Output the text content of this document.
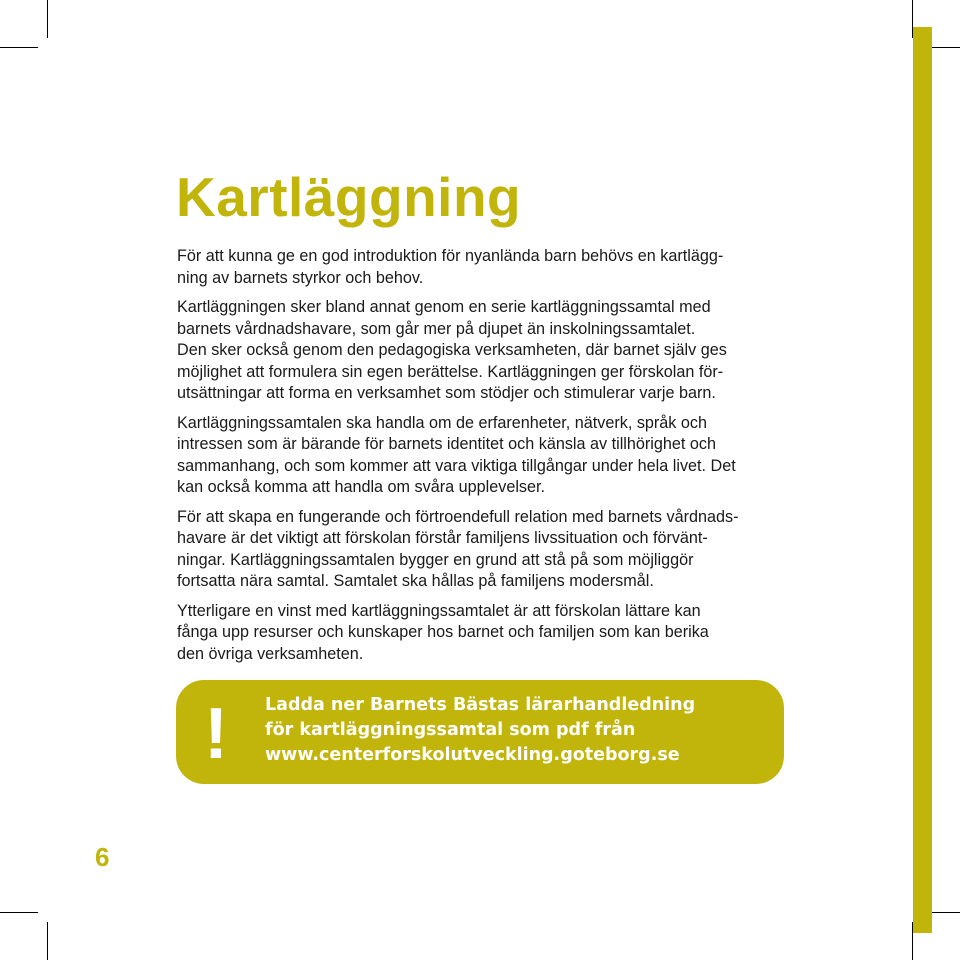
Kartläggning

För att kunna ge en god introduktion för nyanlända barn behövs en kartlägg-
ning av barnets styrkor och behov.

Kartläggningen sker bland annat genom en serie kartläggningssamtal med
barnets vårdnadshavare, som går mer på djupet än inskolningssamtalet.
Den sker också genom den pedagogiska verksamheten, där barnet själv ges
möjlighet att formulera sin egen berättelse. Kartläggningen ger förskolan för-
utsättningar att forma en verksamhet som stödjer och stimulerar varje barn.

Kartläggningssamtalen ska handla om de erfarenheter, nätverk, språk och
intressen som är bärande för barnets identitet och känsla av tillhörighet och
sammanhang, och som kommer att vara viktiga tillgångar under hela livet. Det
kan också komma att handla om svåra upplevelser.

För att skapa en fungerande och förtroendefull relation med barnets vårdnads-
havare är det viktigt att förskolan förstår familjens livssituation och förvänt-
ningar. Kartläggningssamtalen bygger en grund att stå på som möjliggör
fortsatta nära samtal. Samtalet ska hållas på familjens modersmål.

Ytterligare en vinst med kartläggningssamtalet är att förskolan lättare kan
fånga upp resurser och kunskaper hos barnet och familjen som kan berika
den övriga verksamheten.

! Ladda ner Barnets Bästas lärarhandledning
för kartläggningssamtal som pdf från
www.centerforskolutveckling.goteborg.se
6
